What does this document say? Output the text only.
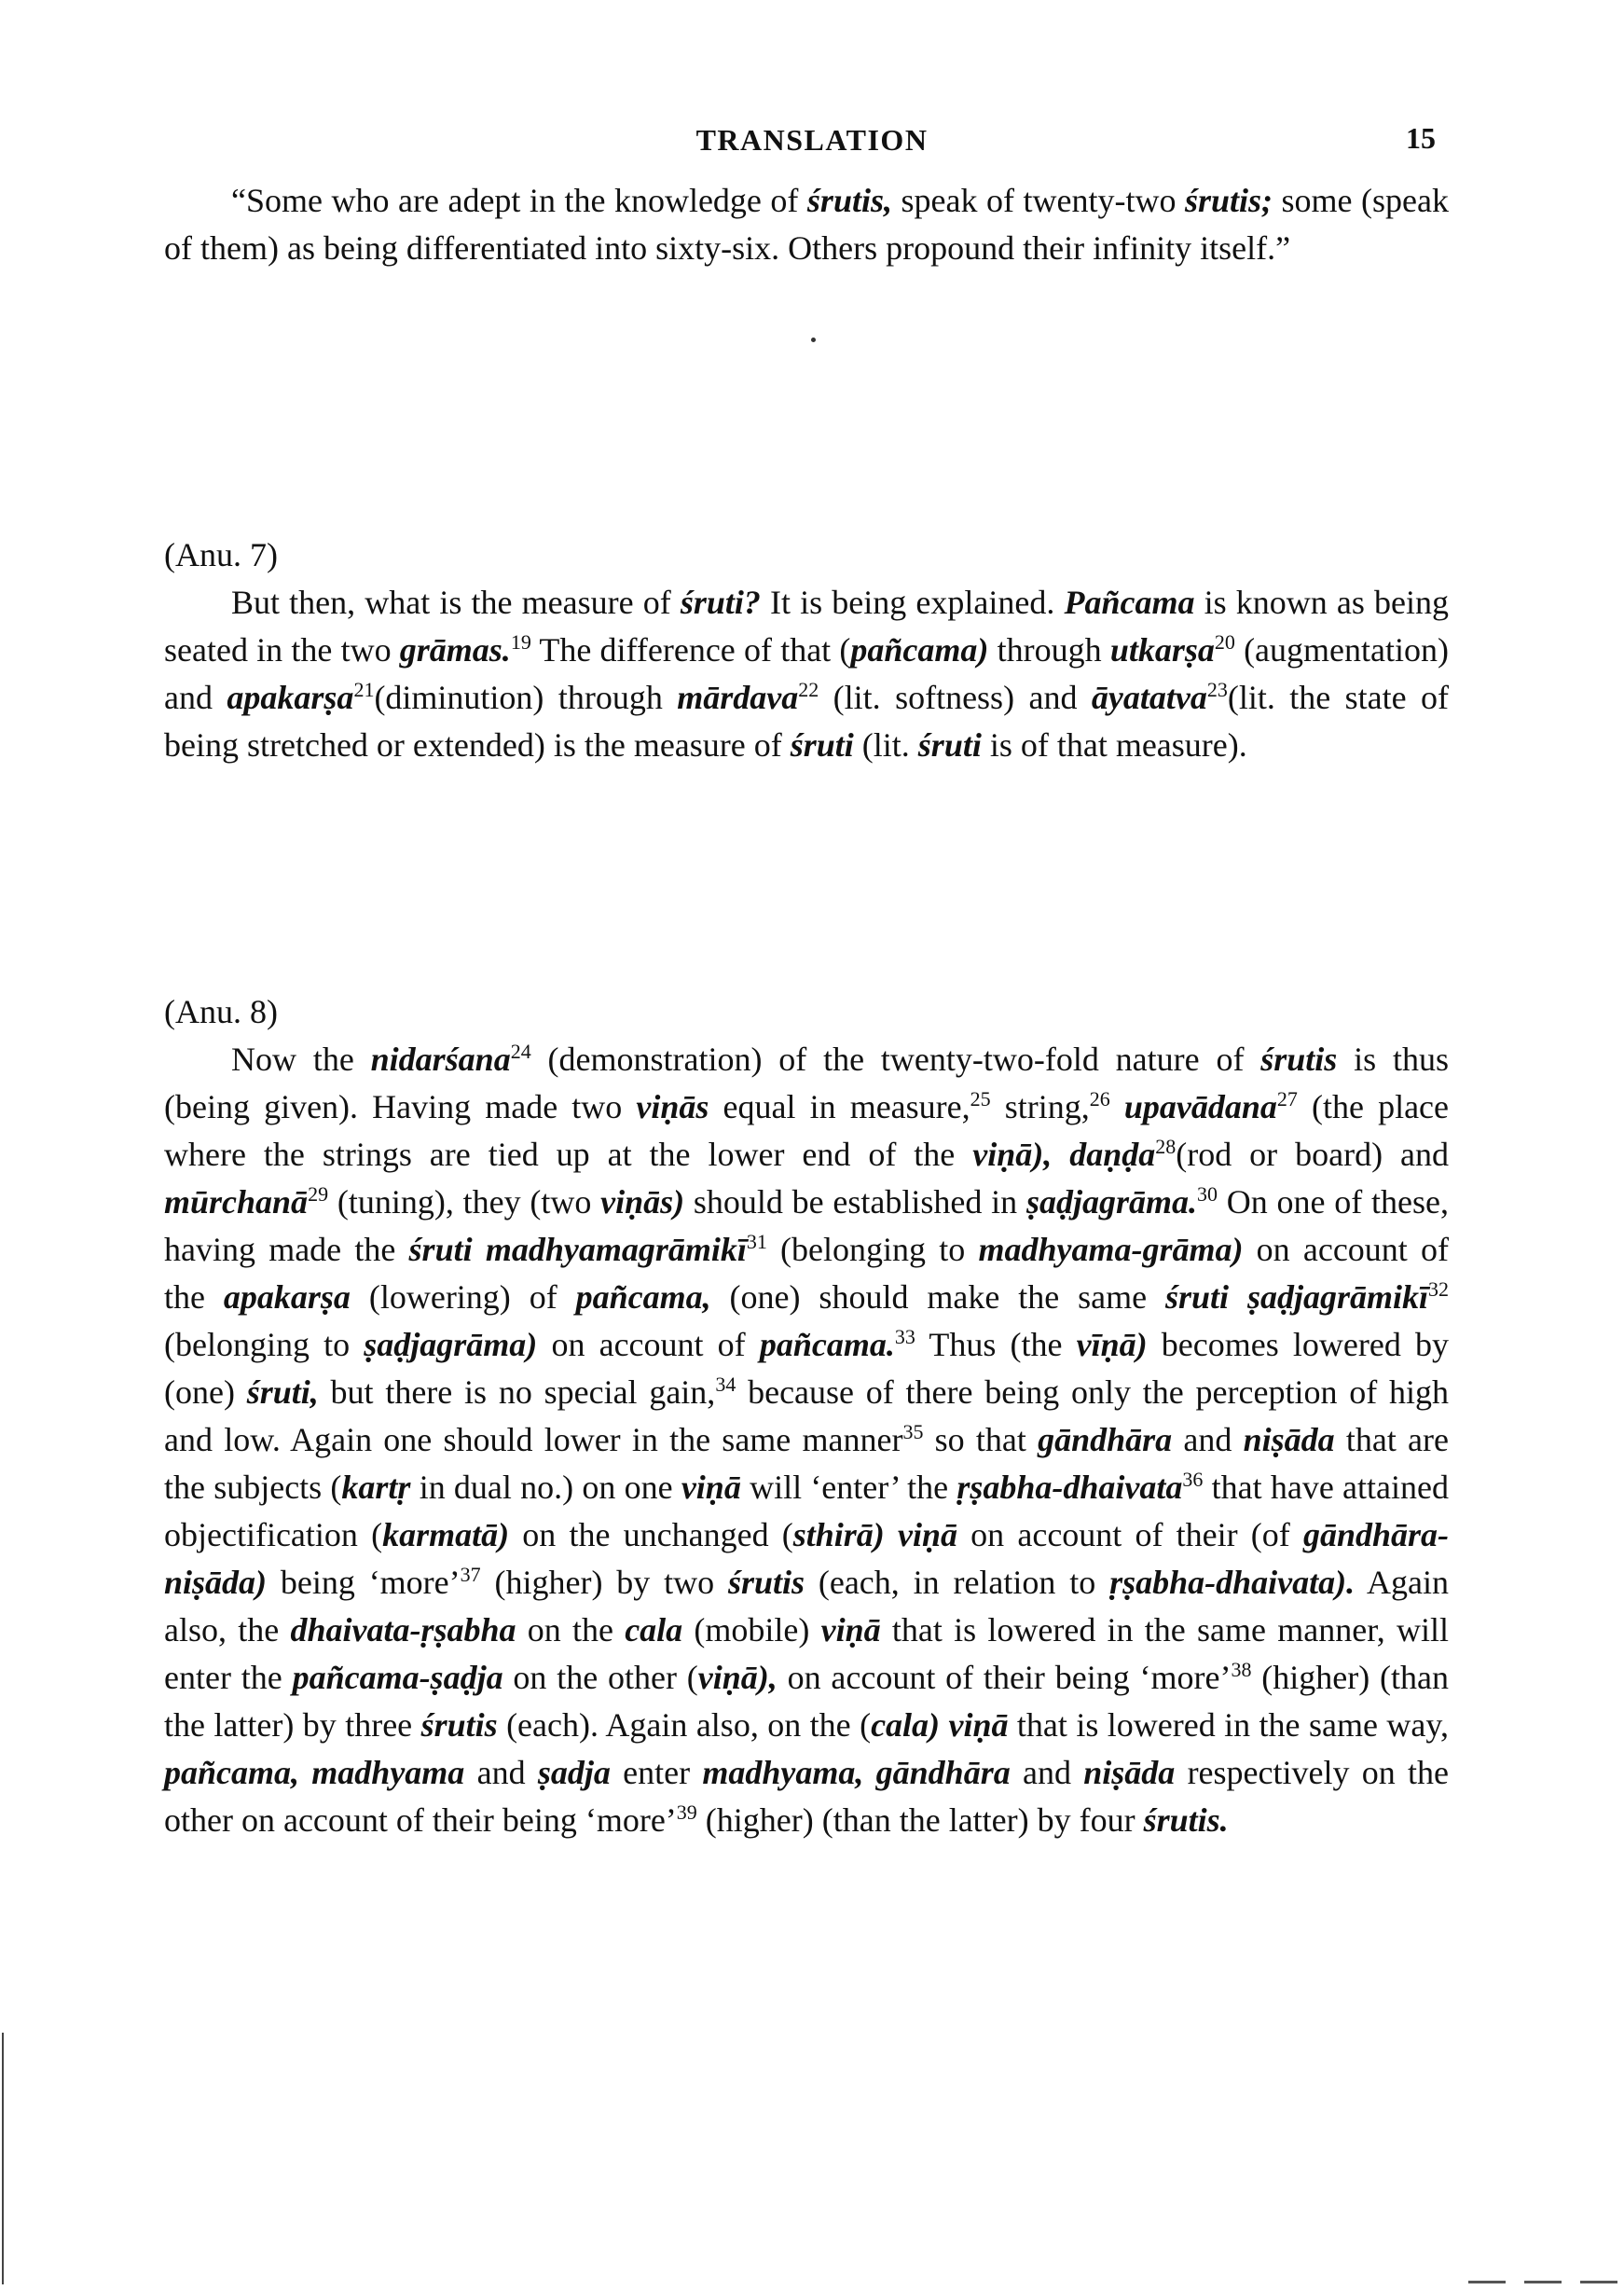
TRANSLATION	15

“Some who are adept in the knowledge of śrutis, speak of twenty-two śrutis; some (speak of them) as being differentiated into sixty-six. Others propound their infinity itself.”

(Anu. 7)

But then, what is the measure of śruti? It is being explained. Pañcama is known as being seated in the two grāmas.$^{19}$ The difference of that (pañcama) through utkarṣa$^{20}$ (augmentation) and apakarṣa$^{21}$(diminution) through mārdava$^{22}$ (lit. softness) and āyatatva$^{23}$(lit. the state of being stretched or extended) is the measure of śruti (lit. śruti is of that measure).

(Anu. 8)

Now the nidarśana$^{24}$ (demonstration) of the twenty-two-fold nature of śrutis is thus (being given). Having made two viṇās equal in measure,$^{25}$ string,$^{26}$ upavādana$^{27}$ (the place where the strings are tied up at the lower end of the viṇā), daṇḍa$^{28}$(rod or board) and mūrchanā$^{29}$ (tuning), they (two viṇās) should be established in ṣaḍjagrāma.$^{30}$ On one of these, having made the śruti madhyamagrāmikī$^{31}$ (belonging to madhyama-grāma) on account of the apakarṣa (lowering) of pañcama, (one) should make the same śruti ṣaḍjagrāmikī$^{32}$ (belonging to ṣaḍjagrāma) on account of pañcama.$^{33}$ Thus (the vīṇā) becomes lowered by (one) śruti, but there is no special gain,$^{34}$ because of there being only the perception of high and low. Again one should lower in the same manner$^{35}$ so that gāndhāra and niṣāda that are the subjects (kartṛ in dual no.) on one viṇā will ‘enter’ the ṛṣabha-dhaivata$^{36}$ that have attained objectification (karmatā) on the unchanged (sthirā) viṇā on account of their (of gāndhāra-niṣāda) being ‘more’$^{37}$ (higher) by two śrutis (each, in relation to ṛṣabha-dhaivata). Again also, the dhaivata-ṛṣabha on the cala (mobile) viṇā that is lowered in the same manner, will enter the pañcama-ṣaḍja on the other (viṇā), on account of their being ‘more’$^{38}$ (higher) (than the latter) by three śrutis (each). Again also, on the (cala) viṇā that is lowered in the same way, pañcama, madhyama and ṣadja enter madhyama, gāndhāra and niṣāda respectively on the other on account of their being ‘more’$^{39}$ (higher) (than the latter) by four śrutis.
